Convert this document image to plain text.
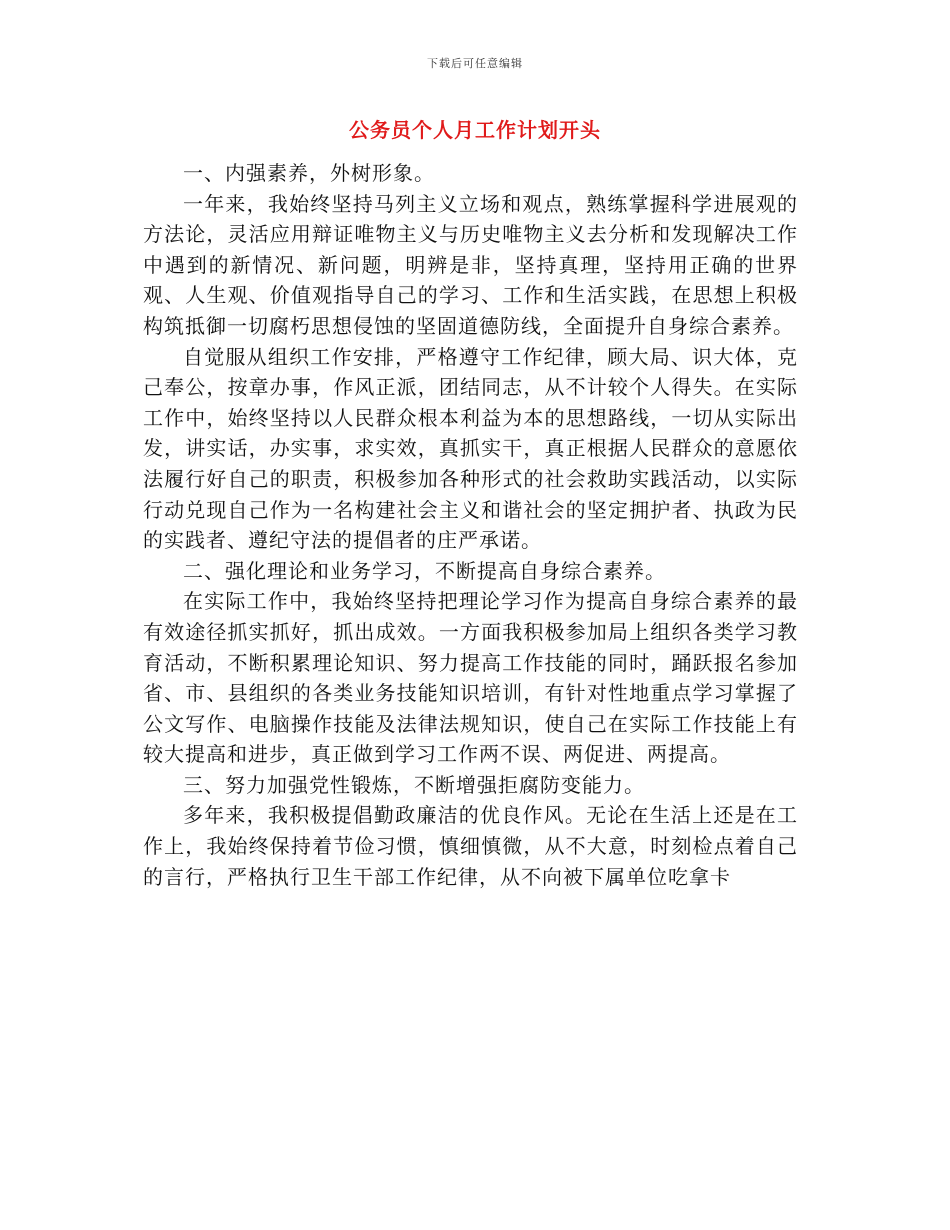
下载后可任意编辑
公务员个人月工作计划开头

一、内强素养，外树形象。

一年来，我始终坚持马列主义立场和观点，熟练掌握科学进展观的方法论，灵活应用辩证唯物主义与历史唯物主义去分析和发现解决工作中遇到的新情况、新问题，明辨是非，坚持真理，坚持用正确的世界观、人生观、价值观指导自己的学习、工作和生活实践，在思想上积极构筑抵御一切腐朽思想侵蚀的坚固道德防线，全面提升自身综合素养。

自觉服从组织工作安排，严格遵守工作纪律，顾大局、识大体，克己奉公，按章办事，作风正派，团结同志，从不计较个人得失。在实际工作中，始终坚持以人民群众根本利益为本的思想路线，一切从实际出发，讲实话，办实事，求实效，真抓实干，真正根据人民群众的意愿依法履行好自己的职责，积极参加各种形式的社会救助实践活动，以实际行动兑现自己作为一名构建社会主义和谐社会的坚定拥护者、执政为民的实践者、遵纪守法的提倡者的庄严承诺。

二、强化理论和业务学习，不断提高自身综合素养。

在实际工作中，我始终坚持把理论学习作为提高自身综合素养的最有效途径抓实抓好，抓出成效。一方面我积极参加局上组织各类学习教育活动，不断积累理论知识、努力提高工作技能的同时，踊跃报名参加省、市、县组织的各类业务技能知识培训，有针对性地重点学习掌握了公文写作、电脑操作技能及法律法规知识，使自己在实际工作技能上有较大提高和进步，真正做到学习工作两不误、两促进、两提高。

三、努力加强党性锻炼，不断增强拒腐防变能力。

多年来，我积极提倡勤政廉洁的优良作风。无论在生活上还是在工作上，我始终保持着节俭习惯，慎细慎微，从不大意，时刻检点着自己的言行，严格执行卫生干部工作纪律，从不向被下属单位吃拿卡
